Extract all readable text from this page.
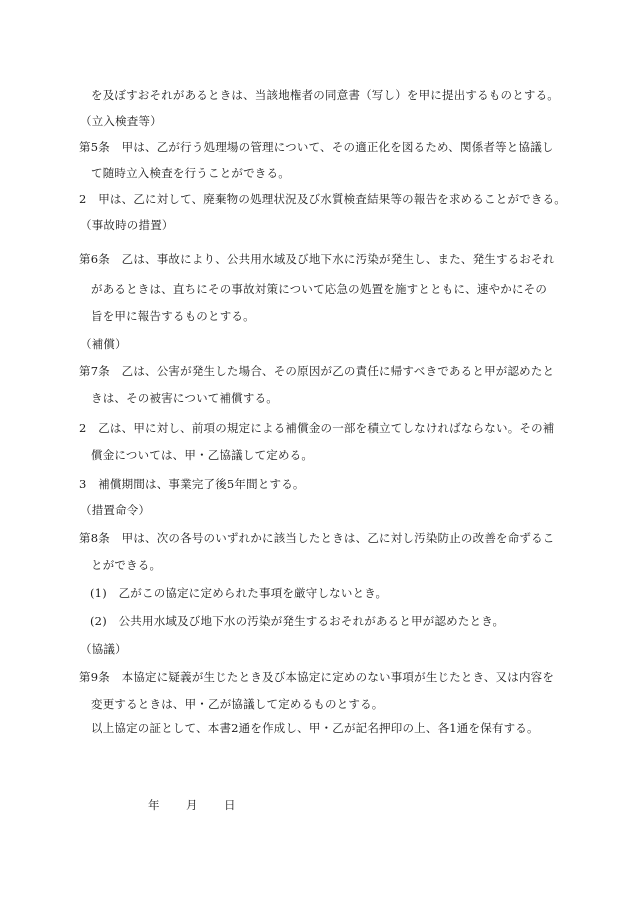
を及ぼすおそれがあるときは、当該地権者の同意書（写し）を甲に提出するものとする。
（立入検査等）
第5条　甲は、乙が行う処理場の管理について、その適正化を図るため、関係者等と協議し
て随時立入検査を行うことができる。
2　甲は、乙に対して、廃棄物の処理状況及び水質検査結果等の報告を求めることができる。
（事故時の措置）
第6条　乙は、事故により、公共用水域及び地下水に汚染が発生し、また、発生するおそれ
があるときは、直ちにその事故対策について応急の処置を施すとともに、速やかにその
旨を甲に報告するものとする。
（補償）
第7条　乙は、公害が発生した場合、その原因が乙の責任に帰すべきであると甲が認めたと
きは、その被害について補償する。
2　乙は、甲に対し、前項の規定による補償金の一部を積立てしなければならない。その補
償金については、甲・乙協議して定める。
3　補償期間は、事業完了後5年間とする。
（措置命令）
第8条　甲は、次の各号のいずれかに該当したときは、乙に対し汚染防止の改善を命ずるこ
とができる。
(1)　乙がこの協定に定められた事項を厳守しないとき。
(2)　公共用水域及び地下水の汚染が発生するおそれがあると甲が認めたとき。
（協議）
第9条　本協定に疑義が生じたとき及び本協定に定めのない事項が生じたとき、又は内容を
変更するときは、甲・乙が協議して定めるものとする。
以上協定の証として、本書2通を作成し、甲・乙が記名押印の上、各1通を保有する。
年 月 日
